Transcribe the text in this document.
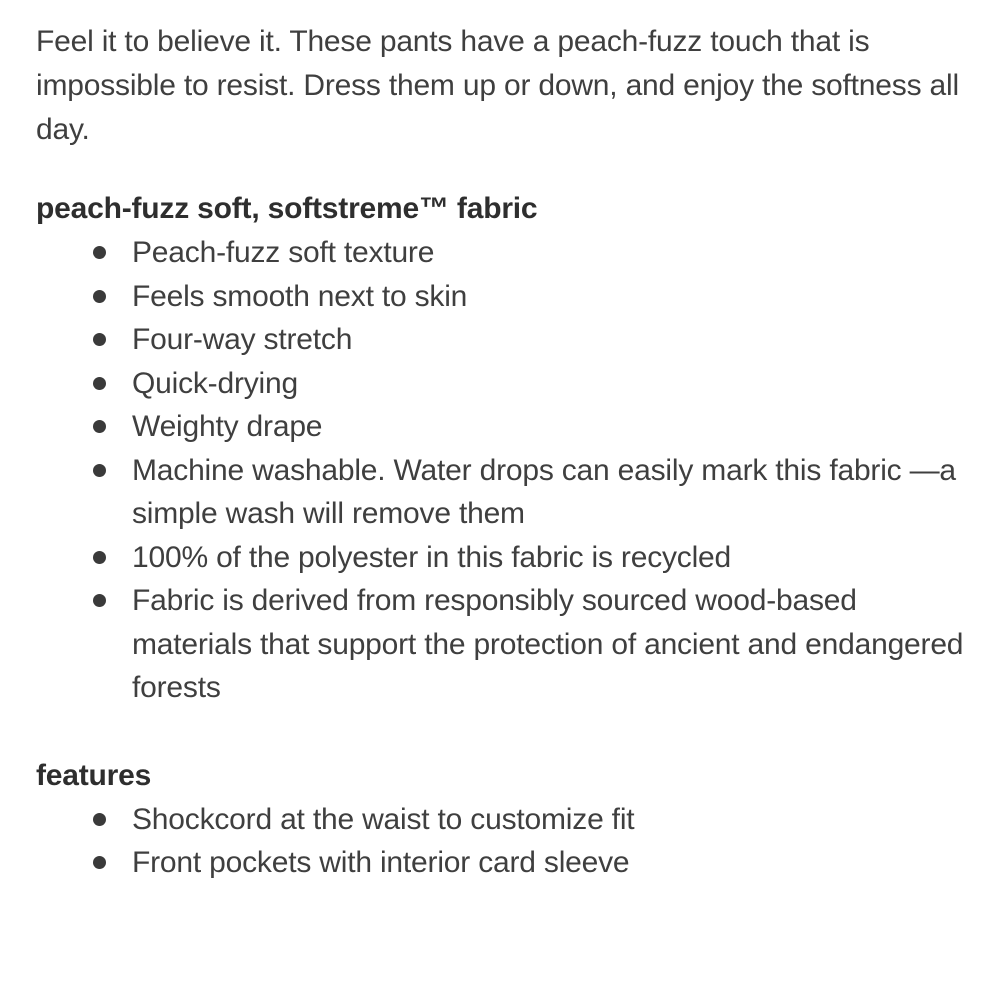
Feel it to believe it. These pants have a peach-fuzz touch that is impossible to resist. Dress them up or down, and enjoy the softness all day.

peach-fuzz soft, softstreme™ fabric
Peach-fuzz soft texture
Feels smooth next to skin
Four-way stretch
Quick-drying
Weighty drape
Machine washable. Water drops can easily mark this fabric —a simple wash will remove them
100% of the polyester in this fabric is recycled
Fabric is derived from responsibly sourced wood-based materials that support the protection of ancient and endangered forests
features
Shockcord at the waist to customize fit
Front pockets with interior card sleeve
